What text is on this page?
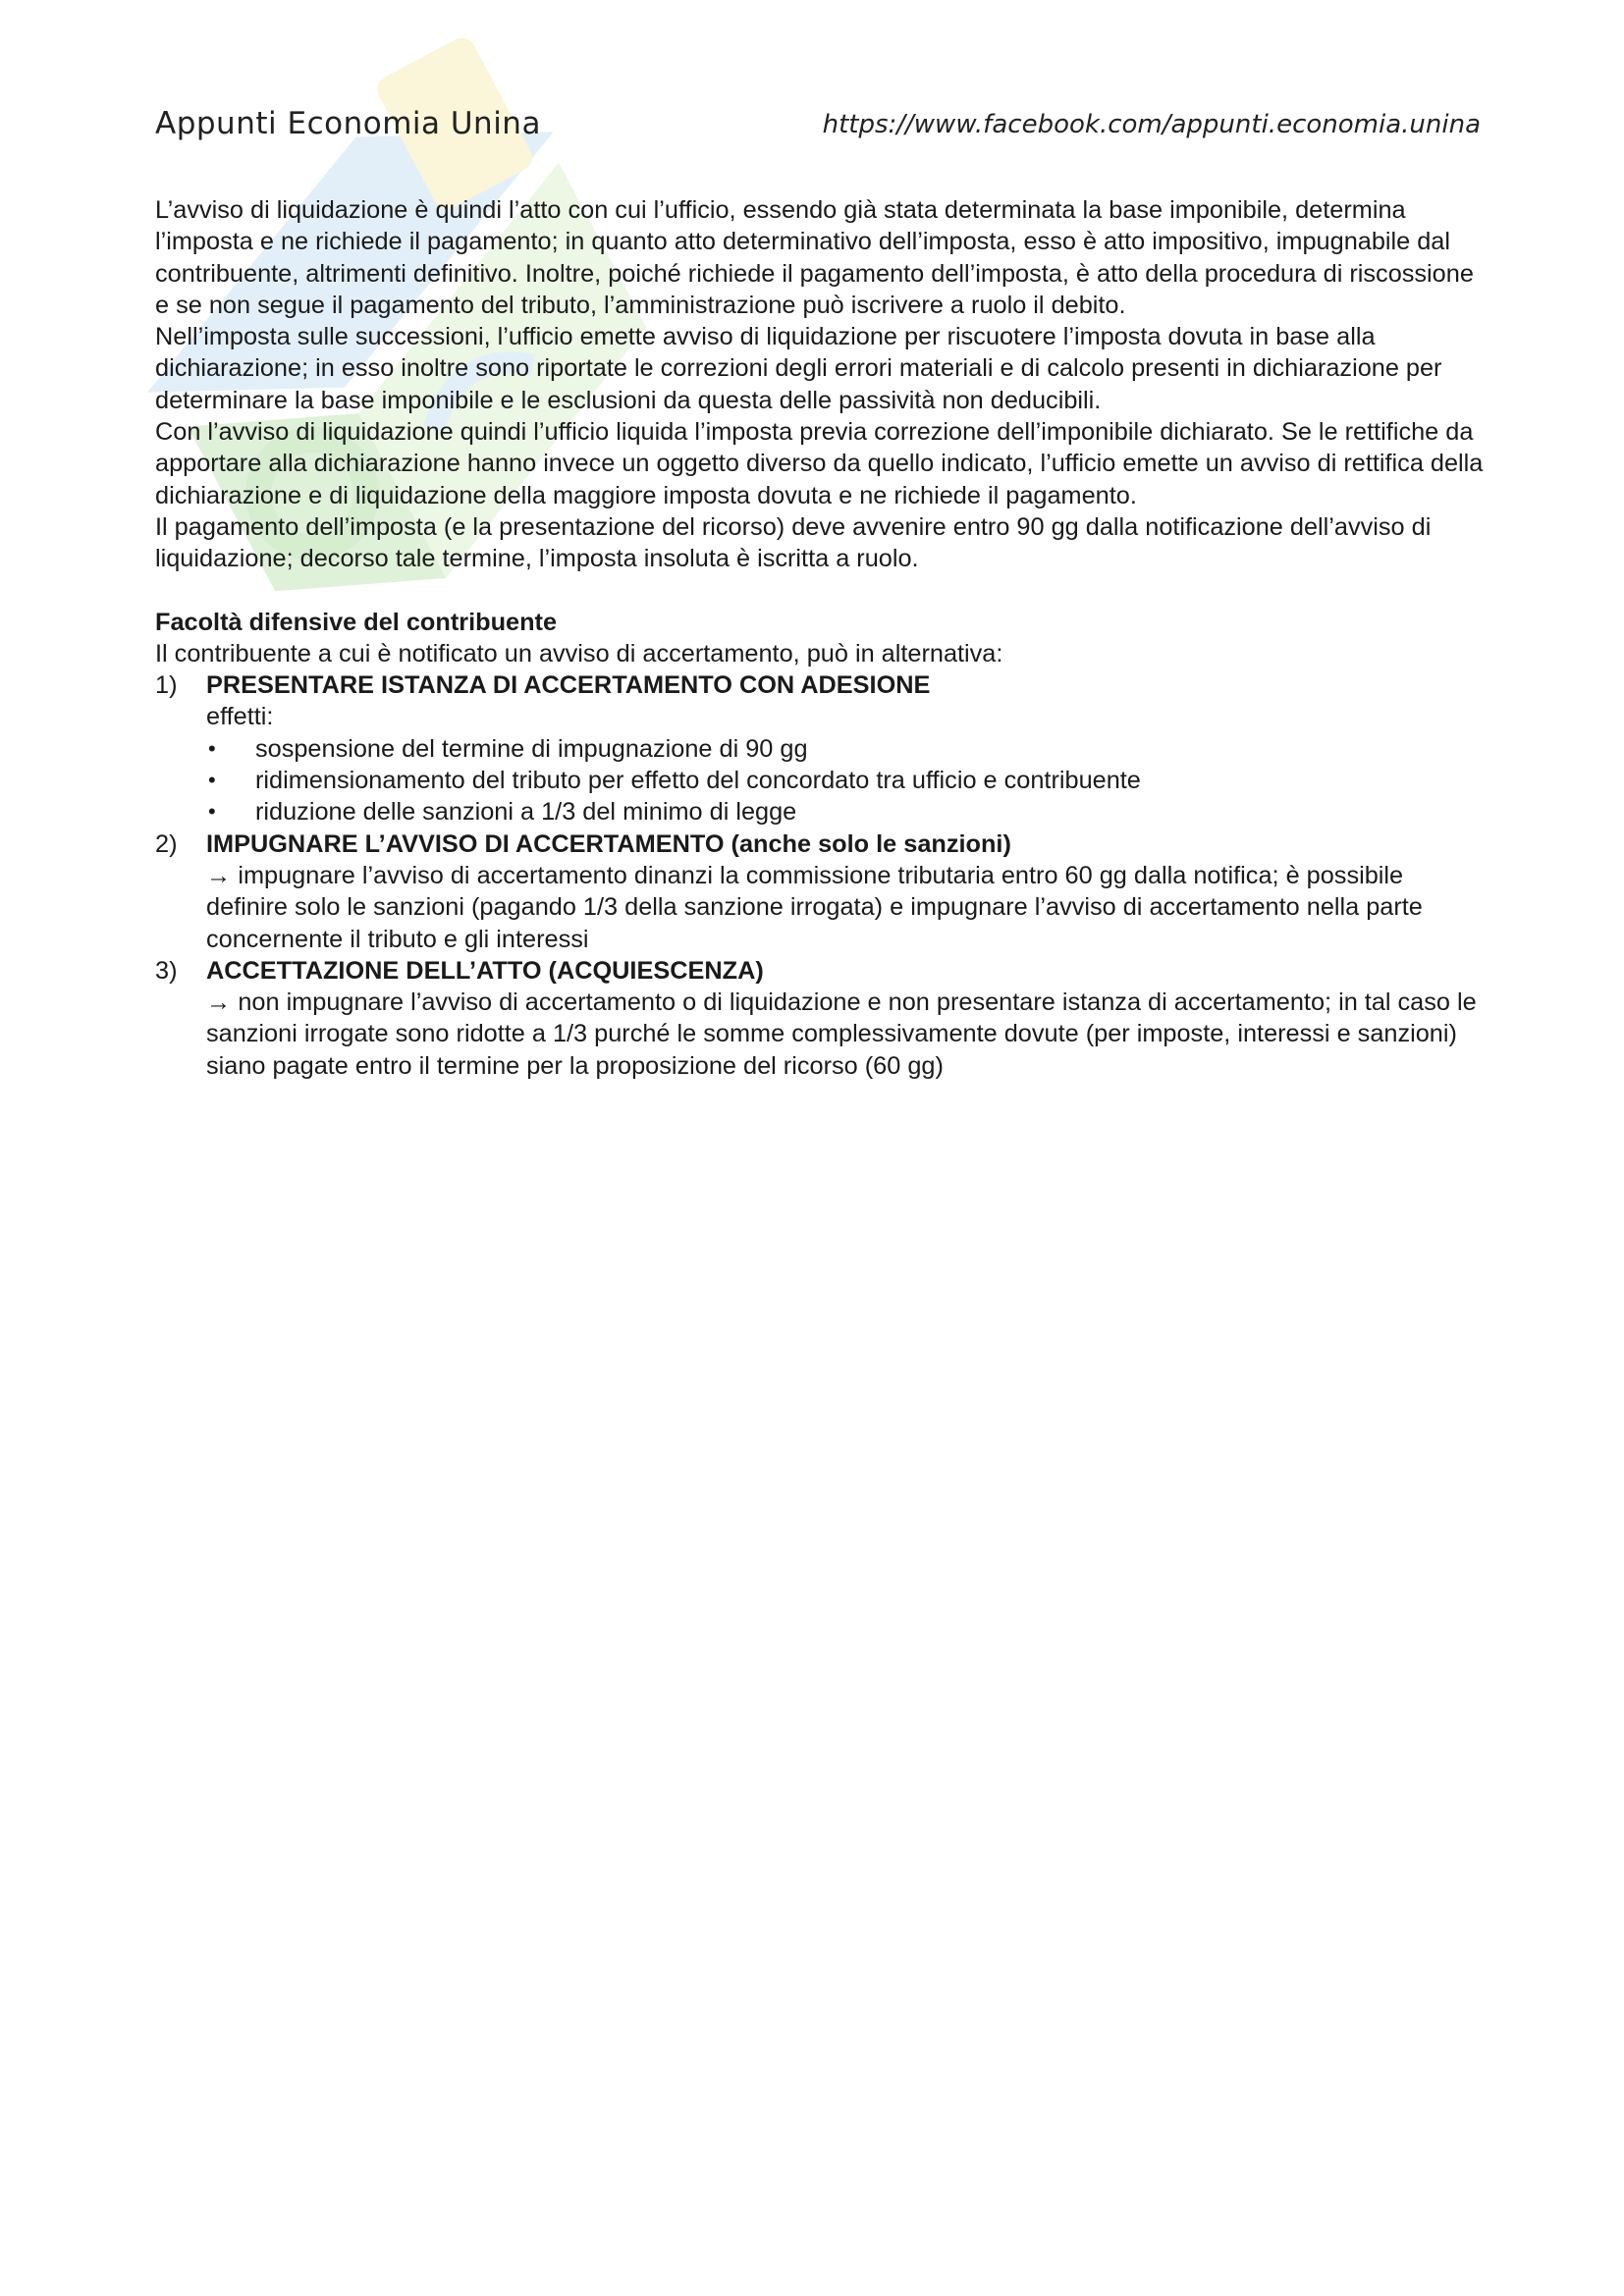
Appunti Economia Unina	https://www.facebook.com/appunti.economia.unina

L’avviso di liquidazione è quindi l’atto con cui l’ufficio, essendo già stata determinata la base imponibile, determina l’imposta e ne richiede il pagamento; in quanto atto determinativo dell’imposta, esso è atto impositivo, impugnabile dal contribuente, altrimenti definitivo. Inoltre, poiché richiede il pagamento dell’imposta, è atto della procedura di riscossione e se non segue il pagamento del tributo, l’amministrazione può iscrivere a ruolo il debito.

Nell’imposta sulle successioni, l’ufficio emette avviso di liquidazione per riscuotere l’imposta dovuta in base alla dichiarazione; in esso inoltre sono riportate le correzioni degli errori materiali e di calcolo presenti in dichiarazione per determinare la base imponibile e le esclusioni da questa delle passività non deducibili.

Con l’avviso di liquidazione quindi l’ufficio liquida l’imposta previa correzione dell’imponibile dichiarato. Se le rettifiche da apportare alla dichiarazione hanno invece un oggetto diverso da quello indicato, l’ufficio emette un avviso di rettifica della dichiarazione e di liquidazione della maggiore imposta dovuta e ne richiede il pagamento.

Il pagamento dell’imposta (e la presentazione del ricorso) deve avvenire entro 90 gg dalla notificazione dell’avviso di liquidazione; decorso tale termine, l’imposta insoluta è iscritta a ruolo.

Facoltà difensive del contribuente

Il contribuente a cui è notificato un avviso di accertamento, può in alternativa:

1) PRESENTARE ISTANZA DI ACCERTAMENTO CON ADESIONE
effetti:
• sospensione del termine di impugnazione di 90 gg
• ridimensionamento del tributo per effetto del concordato tra ufficio e contribuente
• riduzione delle sanzioni a 1/3 del minimo di legge
2) IMPUGNARE L’AVVISO DI ACCERTAMENTO (anche solo le sanzioni)
→ impugnare l’avviso di accertamento dinanzi la commissione tributaria entro 60 gg dalla notifica; è possibile definire solo le sanzioni (pagando 1/3 della sanzione irrogata) e impugnare l’avviso di accertamento nella parte concernente il tributo e gli interessi
3) ACCETTAZIONE DELL’ATTO (ACQUIESCENZA)
→ non impugnare l’avviso di accertamento o di liquidazione e non presentare istanza di accertamento; in tal caso le sanzioni irrogate sono ridotte a 1/3 purché le somme complessivamente dovute (per imposte, interessi e sanzioni) siano pagate entro il termine per la proposizione del ricorso (60 gg)
